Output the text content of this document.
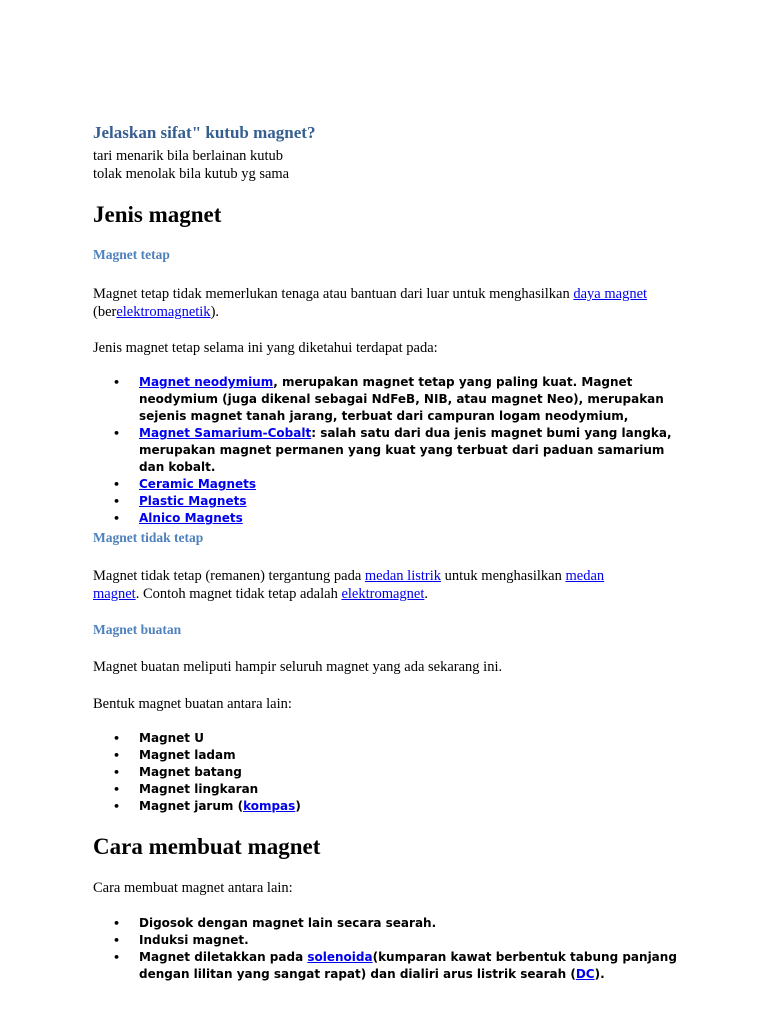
Jelaskan sifat" kutub magnet?

tari menarik bila berlainan kutub

tolak menolak bila kutub yg sama

Jenis magnet
Magnet tetap

Magnet tetap tidak memerlukan tenaga atau bantuan dari luar untuk menghasilkan daya magnet (berelektromagnetik).

Jenis magnet tetap selama ini yang diketahui terdapat pada:

• Magnet neodymium, merupakan magnet tetap yang paling kuat. Magnet neodymium (juga dikenal sebagai NdFeB, NIB, atau magnet Neo), merupakan sejenis magnet tanah jarang, terbuat dari campuran logam neodymium,
• Magnet Samarium-Cobalt: salah satu dari dua jenis magnet bumi yang langka, merupakan magnet permanen yang kuat yang terbuat dari paduan samarium dan kobalt.
• Ceramic Magnets
• Plastic Magnets
• Alnico Magnets
Magnet tidak tetap

Magnet tidak tetap (remanen) tergantung pada medan listrik untuk menghasilkan medan magnet. Contoh magnet tidak tetap adalah elektromagnet.

Magnet buatan

Magnet buatan meliputi hampir seluruh magnet yang ada sekarang ini.

Bentuk magnet buatan antara lain:

• Magnet U
• Magnet ladam
• Magnet batang
• Magnet lingkaran
• Magnet jarum (kompas)
Cara membuat magnet

Cara membuat magnet antara lain:

• Digosok dengan magnet lain secara searah.
• Induksi magnet.
• Magnet diletakkan pada solenoida(kumparan kawat berbentuk tabung panjang dengan lilitan yang sangat rapat) dan dialiri arus listrik searah (DC).
